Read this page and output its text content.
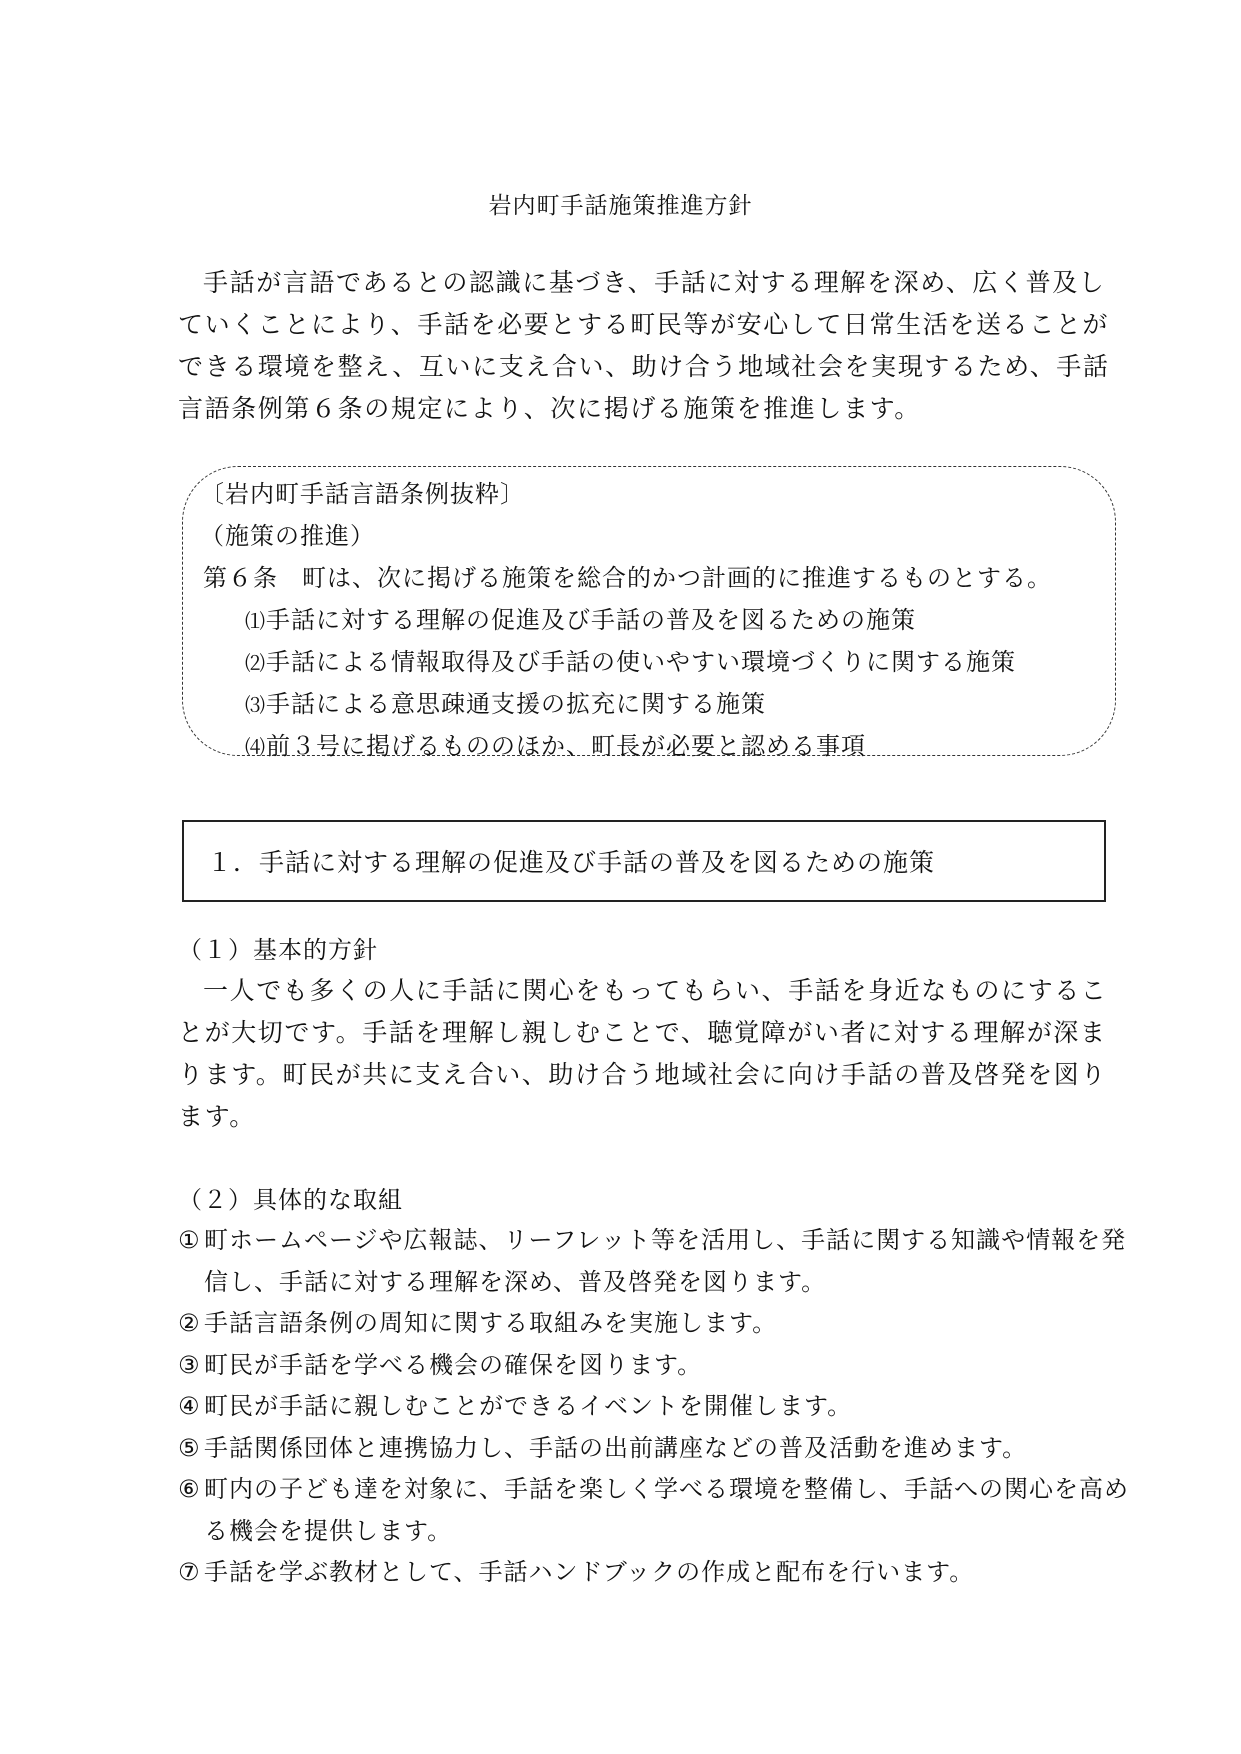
岩内町手話施策推進方針

手話が言語であるとの認識に基づき、手話に対する理解を深め、広く普及していくことにより、手話を必要とする町民等が安心して日常生活を送ることができる環境を整え、互いに支え合い、助け合う地域社会を実現するため、手話言語条例第６条の規定により、次に掲げる施策を推進します。

〔岩内町手話言語条例抜粋〕
（施策の推進）
第６条 町は、次に掲げる施策を総合的かつ計画的に推進するものとする。
⑴手話に対する理解の促進及び手話の普及を図るための施策
⑵手話による情報取得及び手話の使いやすい環境づくりに関する施策
⑶手話による意思疎通支援の拡充に関する施策
⑷前３号に掲げるもののほか、町長が必要と認める事項
１．手話に対する理解の促進及び手話の普及を図るための施策
（１）基本的方針

一人でも多くの人に手話に関心をもってもらい、手話を身近なものにすることが大切です。手話を理解し親しむことで、聴覚障がい者に対する理解が深まります。町民が共に支え合い、助け合う地域社会に向け手話の普及啓発を図ります。

（２）具体的な取組
① 町ホームページや広報誌、リーフレット等を活用し、手話に関する知識や情報を発信し、手話に対する理解を深め、普及啓発を図ります。
② 手話言語条例の周知に関する取組みを実施します。
③ 町民が手話を学べる機会の確保を図ります。
④ 町民が手話に親しむことができるイベントを開催します。
⑤ 手話関係団体と連携協力し、手話の出前講座などの普及活動を進めます。
⑥ 町内の子ども達を対象に、手話を楽しく学べる環境を整備し、手話への関心を高める機会を提供します。
⑦ 手話を学ぶ教材として、手話ハンドブックの作成と配布を行います。
